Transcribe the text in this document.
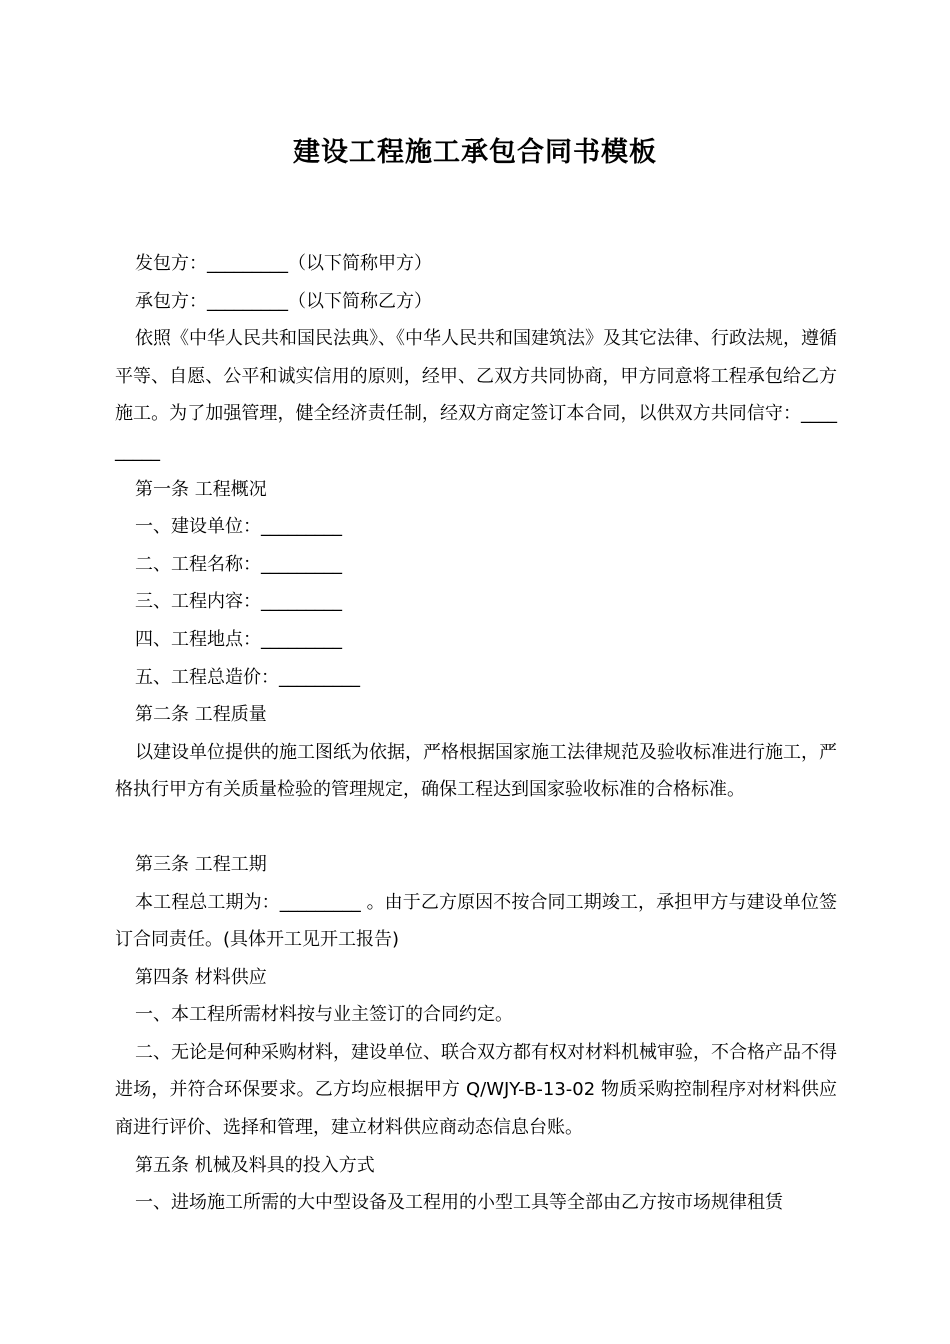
建设工程施工承包合同书模板

发包方：_________（以下简称甲方）

承包方：_________（以下简称乙方）

依照《中华人民共和国民法典》、《中华人民共和国建筑法》及其它法律、行政法规，遵循平等、自愿、公平和诚实信用的原则，经甲、乙双方共同协商，甲方同意将工程承包给乙方施工。为了加强管理，健全经济责任制，经双方商定签订本合同，以供双方共同信守：_________

第一条 工程概况

一、建设单位：_________

二、工程名称：_________

三、工程内容：_________

四、工程地点：_________

五、工程总造价：_________

第二条 工程质量

以建设单位提供的施工图纸为依据，严格根据国家施工法律规范及验收标准进行施工，严格执行甲方有关质量检验的管理规定，确保工程达到国家验收标准的合格标准。

第三条 工程工期

本工程总工期为：_________ 。由于乙方原因不按合同工期竣工，承担甲方与建设单位签订合同责任。(具体开工见开工报告)

第四条 材料供应

一、本工程所需材料按与业主签订的合同约定。

二、无论是何种采购材料，建设单位、联合双方都有权对材料机械审验，不合格产品不得进场，并符合环保要求。乙方均应根据甲方 Q/WJY-B-13-02 物质采购控制程序对材料供应商进行评价、选择和管理，建立材料供应商动态信息台账。

第五条 机械及料具的投入方式

一、进场施工所需的大中型设备及工程用的小型工具等全部由乙方按市场规律租赁
